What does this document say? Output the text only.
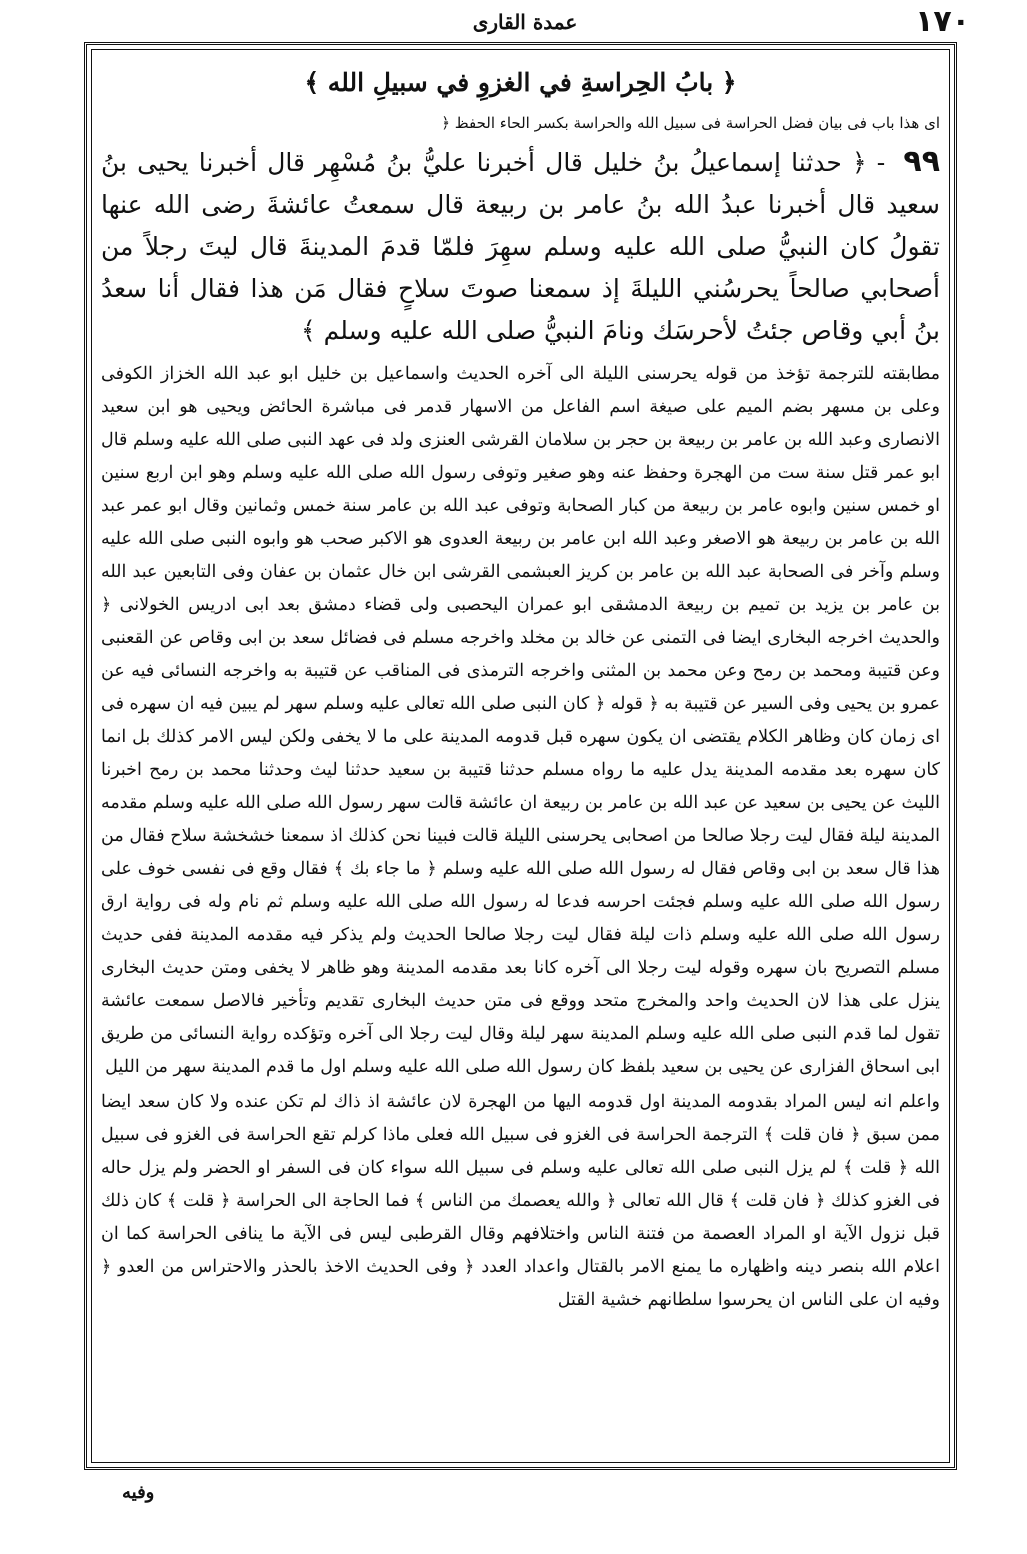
١٧٠
عمدة القارى
﴿ بابُ الحِراسةِ في الغزوِ في سبيلِ الله ﴾
اى هذا باب فى بيان فضل الحراسة فى سبيل الله والحراسة بكسر الحاء الحفظ ﴿
٩٩ - ﴿ حدثنا إسماعيلُ بنُ خليل قال أخبرنا عليُّ بنُ مُسْهِر قال أخبرنا يحيى بنُ سعيد قال أخبرنا عبدُ الله بنُ عامر بن ربيعة قال سمعتُ عائشةَ رضى الله عنها تقولُ كان النبيُّ صلى الله عليه وسلم سهِرَ فلمّا قدمَ المدينةَ قال ليتَ رجلاً من أصحابي صالحاً يحرسُني الليلةَ إذ سمعنا صوتَ سلاحٍ فقال مَن هذا فقال أنا سعدُ بنُ أبي وقاص جئتُ لأحرسَك ونامَ النبيُّ صلى الله عليه وسلم ﴾
مطابقته للترجمة تؤخذ من قوله يحرسنى الليلة الى آخره الحديث واسماعيل بن خليل ابو عبد الله الخزاز الكوفى وعلى بن مسهر بضم الميم على صيغة اسم الفاعل من الاسهار قدمر فى مباشرة الحائض ويحيى هو ابن سعيد الانصارى وعبد الله بن عامر بن ربيعة بن حجر بن سلامان القرشى العنزى ولد فى عهد النبى صلى الله عليه وسلم قال ابو عمر قتل سنة ست من الهجرة وحفظ عنه وهو صغير وتوفى رسول الله صلى الله عليه وسلم وهو ابن اربع سنين او خمس سنين وابوه عامر بن ربيعة من كبار الصحابة وتوفى عبد الله بن عامر سنة خمس وثمانين وقال ابو عمر عبد الله بن عامر بن ربيعة هو الاصغر وعبد الله ابن عامر بن ربيعة العدوى هو الاكبر صحب هو وابوه النبى صلى الله عليه وسلم وآخر فى الصحابة عبد الله بن عامر بن كريز العبشمى القرشى ابن خال عثمان بن عفان وفى التابعين عبد الله بن عامر بن يزيد بن تميم بن ربيعة الدمشقى ابو عمران اليحصبى ولى قضاء دمشق بعد ابى ادريس الخولانى ﴿ والحديث اخرجه البخارى ايضا فى التمنى عن خالد بن مخلد واخرجه مسلم فى فضائل سعد بن ابى وقاص عن القعنبى وعن قتيبة ومحمد بن رمح وعن محمد بن المثنى واخرجه الترمذى فى المناقب عن قتيبة به واخرجه النسائى فيه عن عمرو بن يحيى وفى السير عن قتيبة به ﴿ قوله ﴿ كان النبى صلى الله تعالى عليه وسلم سهر لم يبين فيه ان سهره فى اى زمان كان وظاهر الكلام يقتضى ان يكون سهره قبل قدومه المدينة على ما لا يخفى ولكن ليس الامر كذلك بل انما كان سهره بعد مقدمه المدينة يدل عليه ما رواه مسلم حدثنا قتيبة بن سعيد حدثنا ليث وحدثنا محمد بن رمح اخبرنا الليث عن يحيى بن سعيد عن عبد الله بن عامر بن ربيعة ان عائشة قالت سهر رسول الله صلى الله عليه وسلم مقدمه المدينة ليلة فقال ليت رجلا صالحا من اصحابى يحرسنى الليلة قالت فبينا نحن كذلك اذ سمعنا خشخشة سلاح فقال من هذا قال سعد بن ابى وقاص فقال له رسول الله صلى الله عليه وسلم ﴿ ما جاء بك ﴾ فقال وقع فى نفسى خوف على رسول الله صلى الله عليه وسلم فجئت احرسه فدعا له رسول الله صلى الله عليه وسلم ثم نام وله فى رواية ارق رسول الله صلى الله عليه وسلم ذات ليلة فقال ليت رجلا صالحا الحديث ولم يذكر فيه مقدمه المدينة ففى حديث مسلم التصريح بان سهره وقوله ليت رجلا الى آخره كانا بعد مقدمه المدينة وهو ظاهر لا يخفى ومتن حديث البخارى ينزل على هذا لان الحديث واحد والمخرج متحد ووقع فى متن حديث البخارى تقديم وتأخير فالاصل سمعت عائشة تقول لما قدم النبى صلى الله عليه وسلم المدينة سهر ليلة وقال ليت رجلا الى آخره وتؤكده رواية النسائى من طريق ابى اسحاق الفزارى عن يحيى بن سعيد بلفظ كان رسول الله صلى الله عليه وسلم اول ما قدم المدينة سهر من الليل
واعلم انه ليس المراد بقدومه المدينة اول قدومه اليها من الهجرة لان عائشة اذ ذاك لم تكن عنده ولا كان سعد ايضا ممن سبق ﴿ فان قلت ﴾ الترجمة الحراسة فى الغزو فى سبيل الله فعلى ماذا كرلم تقع الحراسة فى الغزو فى سبيل الله ﴿ قلت ﴾ لم يزل النبى صلى الله تعالى عليه وسلم فى سبيل الله سواء كان فى السفر او الحضر ولم يزل حاله فى الغزو كذلك ﴿ فان قلت ﴾ قال الله تعالى ﴿ والله يعصمك من الناس ﴾ فما الحاجة الى الحراسة ﴿ قلت ﴾ كان ذلك قبل نزول الآية او المراد العصمة من فتنة الناس واختلافهم وقال القرطبى ليس فى الآية ما ينافى الحراسة كما ان اعلام الله بنصر دينه واظهاره ما يمنع الامر بالقتال واعداد العدد ﴿ وفى الحديث الاخذ بالحذر والاحتراس من العدو ﴿ وفيه ان على الناس ان يحرسوا سلطانهم خشية القتل
وفيه
